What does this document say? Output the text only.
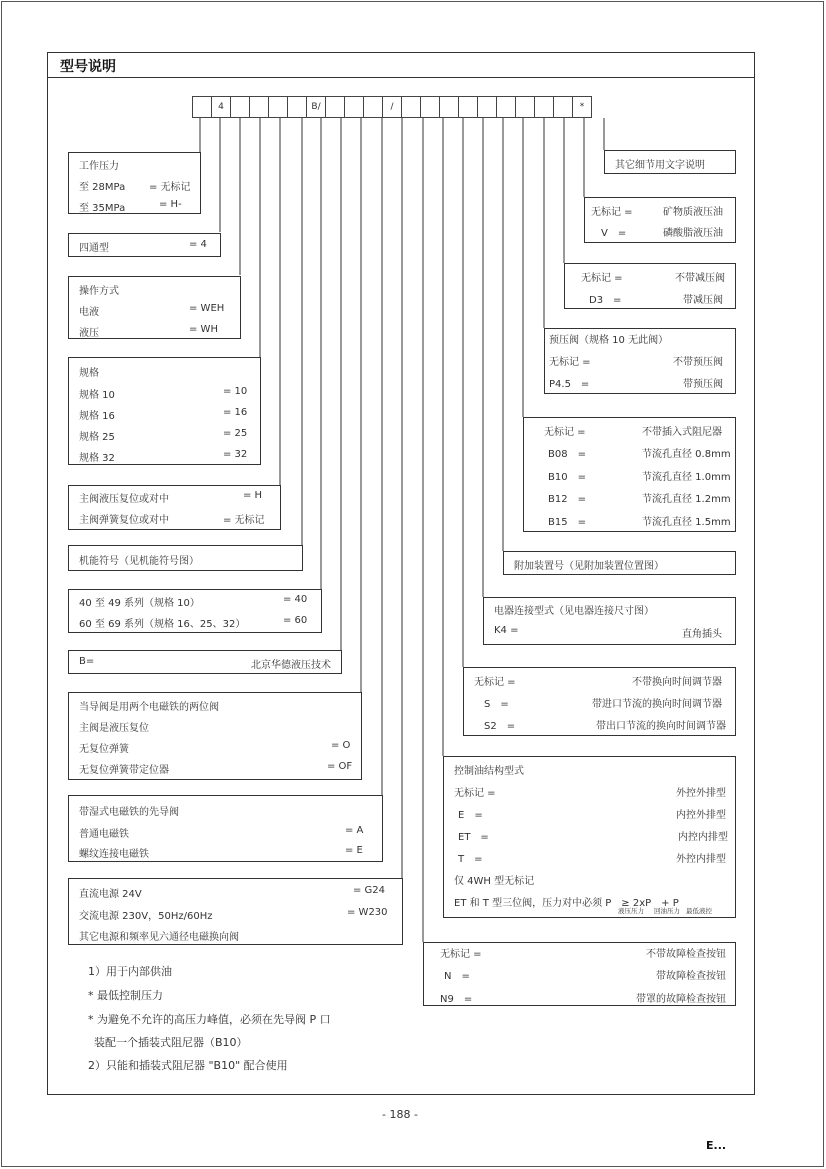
型号说明
4	B/	/	*
工作压力
至 28MPa = 无标记
至 35MPa	= H-
四通型	= 4
操作方式
电液	= WEH
液压	= WH
规格
规格 10	= 10
规格 16	= 16
规格 25	= 25
规格 32	= 32
主阀液压复位或对中	= H
主阀弹簧复位或对中	= 无标记
机能符号（见机能符号图）
40 至 49 系列（规格 10）	= 40
60 至 69 系列（规格 16、25、32）	= 60
B=	北京华德液压技术
当导阀是用两个电磁铁的两位阀
主阀是液压复位
无复位弹簧	= O
无复位弹簧带定位器	= OF
带湿式电磁铁的先导阀
普通电磁铁	= A
螺纹连接电磁铁	= E
直流电源 24V	= G24
交流电源 230V，50Hz/60Hz	= W230
其它电源和频率见六通径电磁换向阀
其它细节用文字说明
无标记 =	矿物质液压油
V　=	磷酸脂液压油
无标记 =	不带减压阀
D3　=	带减压阀
预压阀（规格 10 无此阀）
无标记 =	不带预压阀
P4.5　=	带预压阀
无标记 =	不带插入式阻尼器
B08　=	节流孔直径 0.8mm
B10　=	节流孔直径 1.0mm
B12　=	节流孔直径 1.2mm
B15　=	节流孔直径 1.5mm
附加装置号（见附加装置位置图）
电器连接型式（见电器连接尺寸图）
K4 =	直角插头
无标记 =	不带换向时间调节器
S　=	带进口节流的换向时间调节器
S2　=	带出口节流的换向时间调节器
控制油结构型式
无标记 =	外控外排型
E　=	内控外排型
ET　=	内控内排型
T　=	外控内排型
仅 4WH 型无标记
ET 和 T 型三位阀，压力对中必须 P　≥ 2xP　+ P
液压压力 回油压力 最低液控
无标记 =	不带故障检查按钮
N　=	带故障检查按钮
N9　=	带罩的故障检查按钮
1）用于内部供油
* 最低控制压力
* 为避免不允许的高压力峰值，必须在先导阀 P 口
装配一个插装式阻尼器（B10）
2）只能和插装式阻尼器 "B10" 配合使用
- 188 -
E...
